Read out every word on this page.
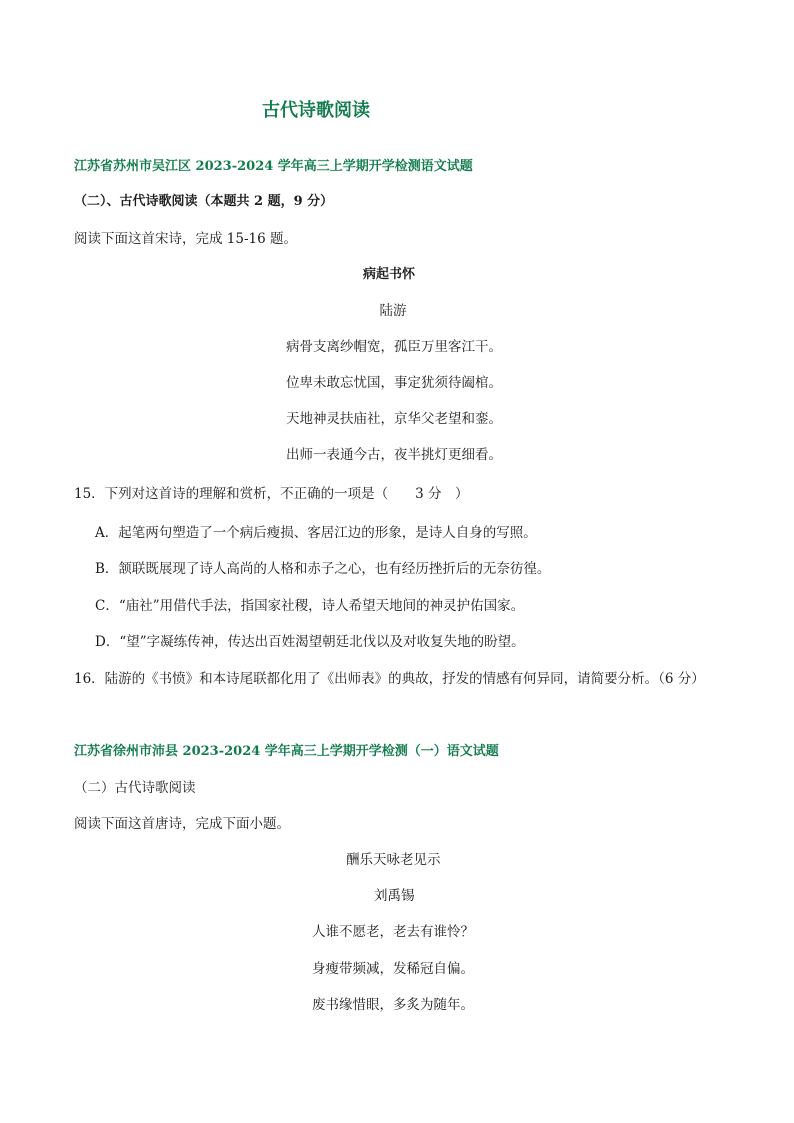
古代诗歌阅读
江苏省苏州市吴江区 2023-2024 学年高三上学期开学检测语文试题
（二）、古代诗歌阅读（本题共 2 题，9 分）
阅读下面这首宋诗，完成 15-16 题。
病起书怀
陆游
病骨支离纱帽宽，孤臣万里客江干。
位卑未敢忘忧国，事定犹须待阖棺。
天地神灵扶庙社，京华父老望和銮。
出师一表通今古，夜半挑灯更细看。
15．下列对这首诗的理解和赏析，不正确的一项是（　　3 分　）
A．起笔两句塑造了一个病后瘦损、客居江边的形象，是诗人自身的写照。
B．颔联既展现了诗人高尚的人格和赤子之心，也有经历挫折后的无奈彷徨。
C．“庙社”用借代手法，指国家社稷，诗人希望天地间的神灵护佑国家。
D．“望”字凝练传神，传达出百姓渴望朝廷北伐以及对收复失地的盼望。
16．陆游的《书愤》和本诗尾联都化用了《出师表》的典故，抒发的情感有何异同，请简要分析。（6 分）
江苏省徐州市沛县 2023-2024 学年高三上学期开学检测（一）语文试题
（二）古代诗歌阅读
阅读下面这首唐诗，完成下面小题。
酬乐天咏老见示
刘禹锡
人谁不愿老，老去有谁怜？
身瘦带频减，发稀冠自偏。
废书缘惜眼，多炙为随年。
